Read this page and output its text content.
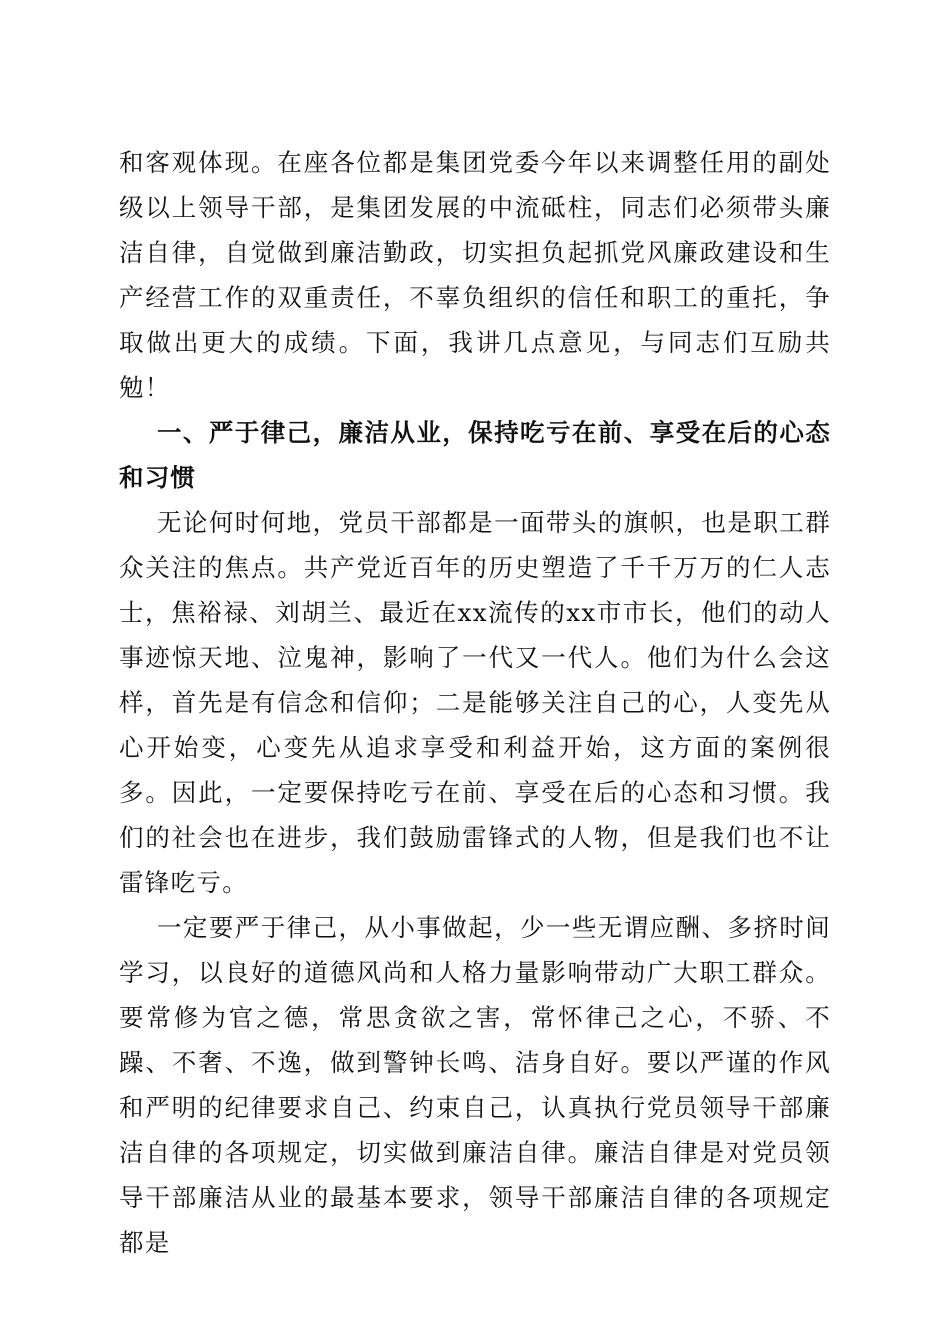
和客观体现。在座各位都是集团党委今年以来调整任用的副处级以上领导干部，是集团发展的中流砥柱，同志们必须带头廉洁自律，自觉做到廉洁勤政，切实担负起抓党风廉政建设和生产经营工作的双重责任，不辜负组织的信任和职工的重托，争取做出更大的成绩。下面，我讲几点意见，与同志们互励共勉！

一、严于律己，廉洁从业，保持吃亏在前、享受在后的心态和习惯

无论何时何地，党员干部都是一面带头的旗帜，也是职工群众关注的焦点。共产党近百年的历史塑造了千千万万的仁人志士，焦裕禄、刘胡兰、最近在xx流传的xx市市长，他们的动人事迹惊天地、泣鬼神，影响了一代又一代人。他们为什么会这样，首先是有信念和信仰；二是能够关注自己的心，人变先从心开始变，心变先从追求享受和利益开始，这方面的案例很多。因此，一定要保持吃亏在前、享受在后的心态和习惯。我们的社会也在进步，我们鼓励雷锋式的人物，但是我们也不让雷锋吃亏。

一定要严于律己，从小事做起，少一些无谓应酬、多挤时间学习，以良好的道德风尚和人格力量影响带动广大职工群众。要常修为官之德，常思贪欲之害，常怀律己之心，不骄、不躁、不奢、不逸，做到警钟长鸣、洁身自好。要以严谨的作风和严明的纪律要求自己、约束自己，认真执行党员领导干部廉洁自律的各项规定，切实做到廉洁自律。廉洁自律是对党员领导干部廉洁从业的最基本要求，领导干部廉洁自律的各项规定都是
